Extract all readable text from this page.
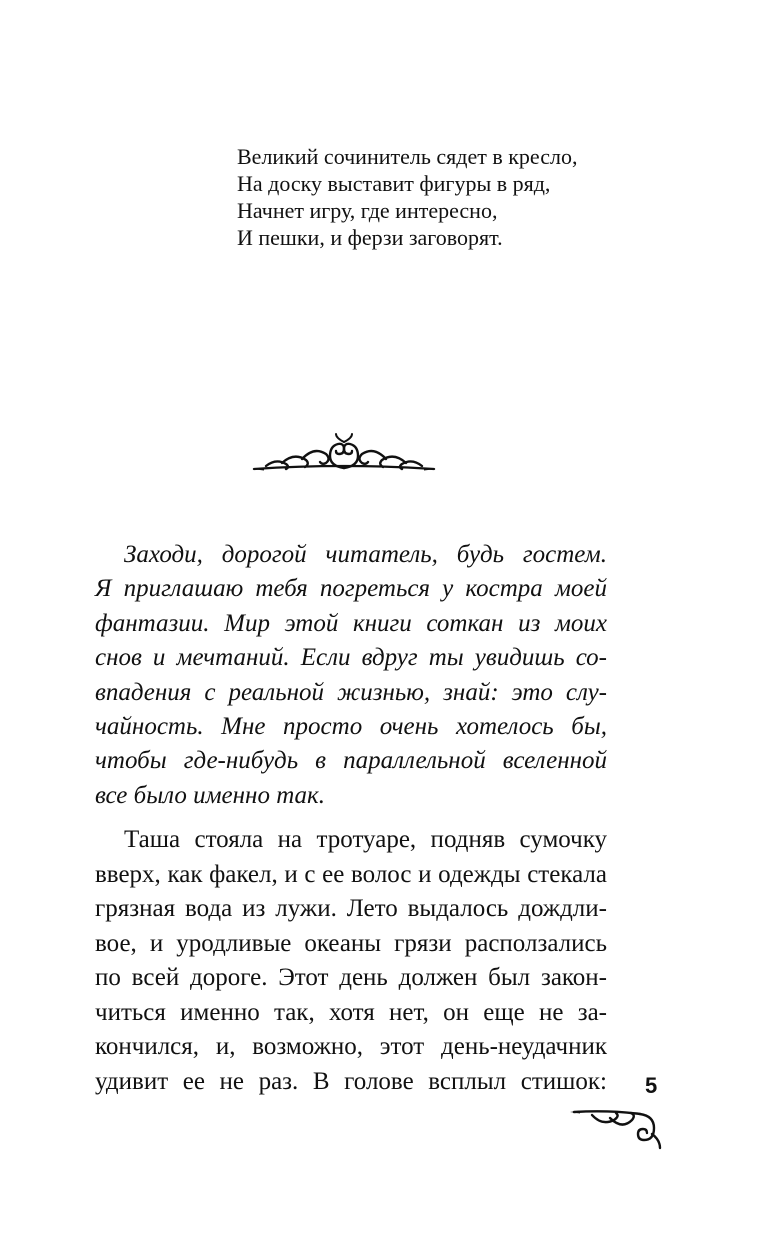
Великий сочинитель сядет в кресло,
На доску выставит фигуры в ряд,
Начнет игру, где интересно,
И пешки, и ферзи заговорят.
Заходи, дорогой читатель, будь гостем.
Я приглашаю тебя погреться у костра моей
фантазии. Мир этой книги соткан из моих
снов и мечтаний. Если вдруг ты увидишь со-
впадения с реальной жизнью, знай: это слу-
чайность. Мне просто очень хотелось бы,
чтобы где-нибудь в параллельной вселенной
все было именно так.
Таша стояла на тротуаре, подняв сумочку
вверх, как факел, и с ее волос и одежды стекала
грязная вода из лужи. Лето выдалось дождли-
вое, и уродливые океаны грязи расползались
по всей дороге. Этот день должен был закон-
читься именно так, хотя нет, он еще не за-
кончился, и, возможно, этот день-неудачник
удивит ее не раз. В голове всплыл стишок: 5
